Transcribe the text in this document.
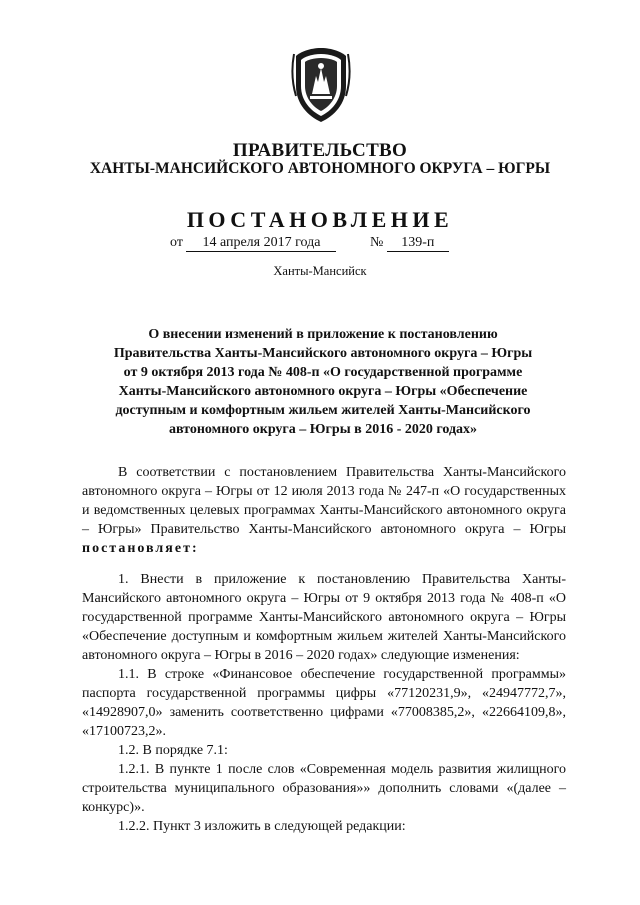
ПРАВИТЕЛЬСТВО
ХАНТЫ-МАНСИЙСКОГО АВТОНОМНОГО ОКРУГА – ЮГРЫ
ПОСТАНОВЛЕНИЕ
от 14 апреля 2017 года	№ 139-п
Ханты-Мансийск
О внесении изменений в приложение к постановлению
Правительства Ханты-Мансийского автономного округа – Югры
от 9 октября 2013 года № 408-п «О государственной программе
Ханты-Мансийского автономного округа – Югры «Обеспечение
доступным и комфортным жильем жителей Ханты-Мансийского
автономного округа – Югры в 2016 - 2020 годах»

В соответствии с постановлением Правительства Ханты-Мансийского автономного округа – Югры от 12 июля 2013 года № 247-п «О государственных и ведомственных целевых программах Ханты-Мансийского автономного округа – Югры» Правительство Ханты-Мансийского автономного округа – Югры постановляет:

1. Внести в приложение к постановлению Правительства Ханты-Мансийского автономного округа – Югры от 9 октября 2013 года № 408-п «О государственной программе Ханты-Мансийского автономного округа – Югры «Обеспечение доступным и комфортным жильем жителей Ханты-Мансийского автономного округа – Югры в 2016 – 2020 годах» следующие изменения:

1.1. В строке «Финансовое обеспечение государственной программы» паспорта государственной программы цифры «77120231,9», «24947772,7», «14928907,0» заменить соответственно цифрами «77008385,2», «22664109,8», «17100723,2».

1.2. В порядке 7.1:

1.2.1. В пункте 1 после слов «Современная модель развития жилищного строительства муниципального образования»» дополнить словами «(далее – конкурс)».

1.2.2. Пункт 3 изложить в следующей редакции:
